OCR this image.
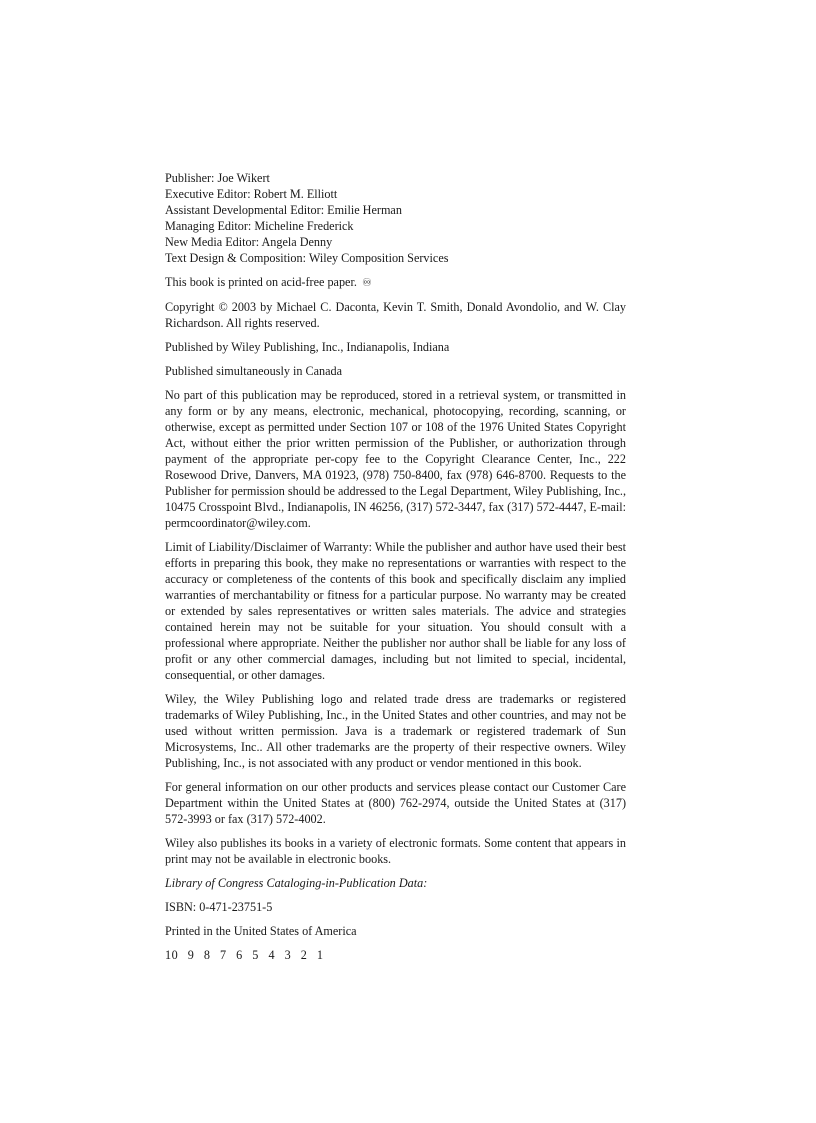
Publisher: Joe Wikert
Executive Editor: Robert M. Elliott
Assistant Developmental Editor: Emilie Herman
Managing Editor: Micheline Frederick
New Media Editor: Angela Denny
Text Design & Composition: Wiley Composition Services

This book is printed on acid-free paper. ♾

Copyright © 2003 by Michael C. Daconta, Kevin T. Smith, Donald Avondolio, and W. Clay Richardson. All rights reserved.

Published by Wiley Publishing, Inc., Indianapolis, Indiana

Published simultaneously in Canada

No part of this publication may be reproduced, stored in a retrieval system, or transmitted in any form or by any means, electronic, mechanical, photocopying, recording, scanning, or otherwise, except as permitted under Section 107 or 108 of the 1976 United States Copyright Act, without either the prior written permission of the Publisher, or authorization through payment of the appropriate per-copy fee to the Copyright Clearance Center, Inc., 222 Rosewood Drive, Danvers, MA 01923, (978) 750-8400, fax (978) 646-8700. Requests to the Publisher for permission should be addressed to the Legal Department, Wiley Publishing, Inc., 10475 Crosspoint Blvd., Indianapolis, IN 46256, (317) 572-3447, fax (317) 572-4447, E-mail: permcoordinator@wiley.com.

Limit of Liability/Disclaimer of Warranty: While the publisher and author have used their best efforts in preparing this book, they make no representations or warranties with respect to the accuracy or completeness of the contents of this book and specifically disclaim any implied warranties of merchantability or fitness for a particular purpose. No warranty may be created or extended by sales representatives or written sales materials. The advice and strategies contained herein may not be suitable for your situation. You should consult with a professional where appropriate. Neither the publisher nor author shall be liable for any loss of profit or any other commercial damages, including but not limited to special, incidental, consequential, or other damages.

Wiley, the Wiley Publishing logo and related trade dress are trademarks or registered trademarks of Wiley Publishing, Inc., in the United States and other countries, and may not be used without written permission. Java is a trademark or registered trademark of Sun Microsystems, Inc.. All other trademarks are the property of their respective owners. Wiley Publishing, Inc., is not associated with any product or vendor mentioned in this book.

For general information on our other products and services please contact our Customer Care Department within the United States at (800) 762-2974, outside the United States at (317) 572-3993 or fax (317) 572-4002.

Wiley also publishes its books in a variety of electronic formats. Some content that appears in print may not be available in electronic books.

Library of Congress Cataloging-in-Publication Data:

ISBN: 0-471-23751-5

Printed in the United States of America

10 9 8 7 6 5 4 3 2 1
